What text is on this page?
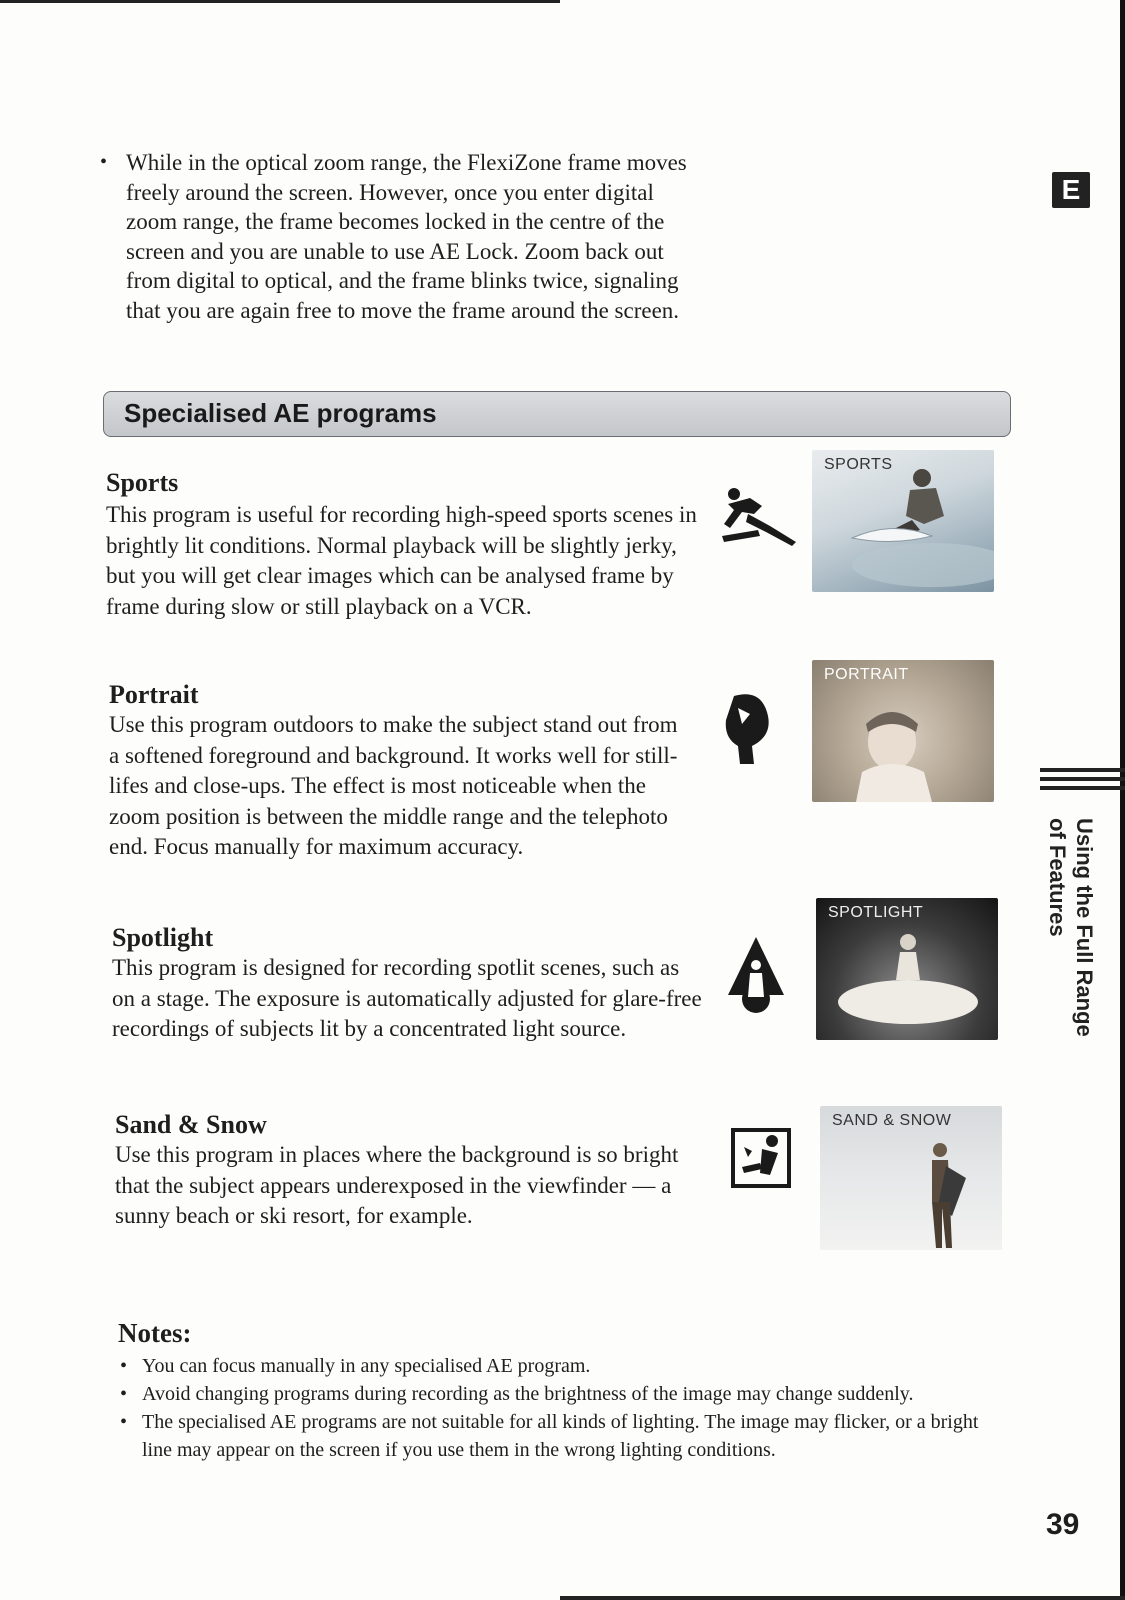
• While in the optical zoom range, the FlexiZone frame moves freely around the screen. However, once you enter digital zoom range, the frame becomes locked in the centre of the screen and you are unable to use AE Lock. Zoom back out from digital to optical, and the frame blinks twice, signaling that you are again free to move the frame around the screen.
E
Specialised AE programs
Sports

This program is useful for recording high-speed sports scenes in brightly lit conditions. Normal playback will be slightly jerky, but you will get clear images which can be analysed frame by frame during slow or still playback on a VCR.

SPORTS
Portrait

Use this program outdoors to make the subject stand out from a softened foreground and background. It works well for still-lifes and close-ups. The effect is most noticeable when the zoom position is between the middle range and the telephoto end. Focus manually for maximum accuracy.

PORTRAIT
Spotlight

This program is designed for recording spotlit scenes, such as on a stage. The exposure is automatically adjusted for glare-free recordings of subjects lit by a concentrated light source.

SPOTLIGHT
Sand & Snow

Use this program in places where the background is so bright that the subject appears underexposed in the viewfinder — a sunny beach or ski resort, for example.

SAND & SNOW
Using the Full Range of Features
Notes:
• You can focus manually in any specialised AE program.
• Avoid changing programs during recording as the brightness of the image may change suddenly.
• The specialised AE programs are not suitable for all kinds of lighting. The image may flicker, or a bright line may appear on the screen if you use them in the wrong lighting conditions.
39
